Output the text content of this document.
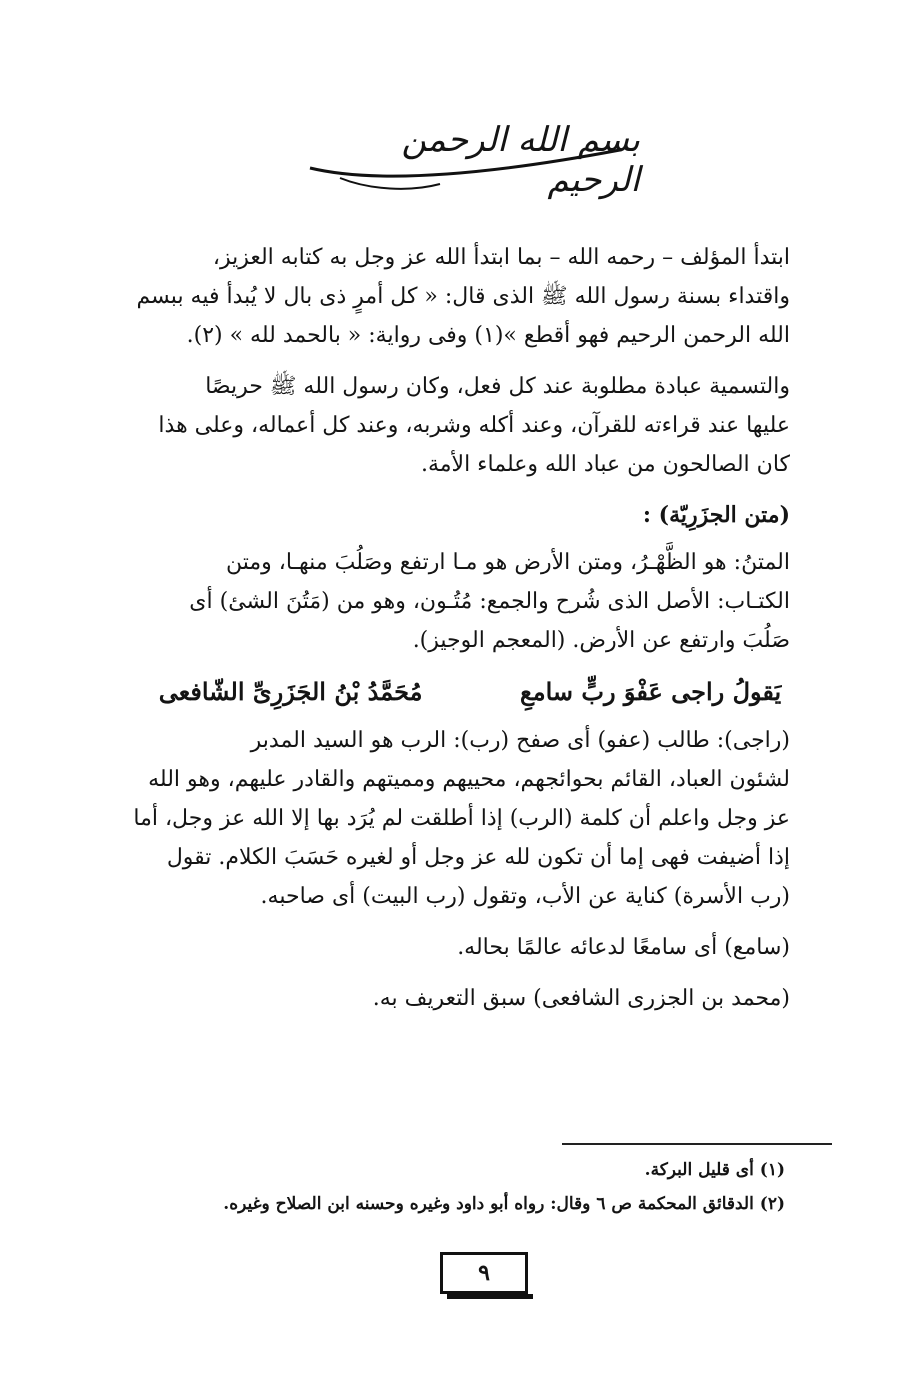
بسم الله الرحمن الرحيم

ابتدأ المؤلف – رحمه الله – بما ابتدأ الله عز وجل به كتابه العزيز،
واقتداء بسنة رسول الله ﷺ الذى قال: « كل أمرٍ ذى بال لا يُبدأ فيه ببسم
الله الرحمن الرحيم فهو أقطع »(١) وفى رواية: « بالحمد لله » (٢).

والتسمية عبادة مطلوبة عند كل فعل، وكان رسول الله ﷺ حريصًا
عليها عند قراءته للقرآن، وعند أكله وشربه، وعند كل أعماله، وعلى هذا
كان الصالحون من عباد الله وعلماء الأمة.

(متن الجزَرِيّة) :

المتنُ: هو الظَّهْـرُ، ومتن الأرض هو مـا ارتفع وصَلُبَ منهـا، ومتن
الكتـاب: الأصل الذى شُرح والجمع: مُتُـون، وهو من (مَتُنَ الشئ) أى
صَلُبَ وارتفع عن الأرض. (المعجم الوجيز).

يَقولُ راجى عَفْوَ ربٍّ سامعِ
مُحَمَّدُ بْنُ الجَزَرِىِّ الشّافعى

(راجى): طالب (عفو) أى صفح (رب): الرب هو السيد المدبر
لشئون العباد، القائم بحوائجهم، محييهم ومميتهم والقادر عليهم، وهو الله
عز وجل واعلم أن كلمة (الرب) إذا أطلقت لم يُرَد بها إلا الله عز وجل، أما
إذا أضيفت فهى إما أن تكون لله عز وجل أو لغيره حَسَبَ الكلام. تقول
(رب الأسرة) كناية عن الأب، وتقول (رب البيت) أى صاحبه.

(سامع) أى سامعًا لدعائه عالمًا بحاله.

(محمد بن الجزرى الشافعى) سبق التعريف به.

(١) أى قليل البركة.
(٢) الدقائق المحكمة ص ٦ وقال: رواه أبو داود وغيره وحسنه ابن الصلاح وغيره.
٩
